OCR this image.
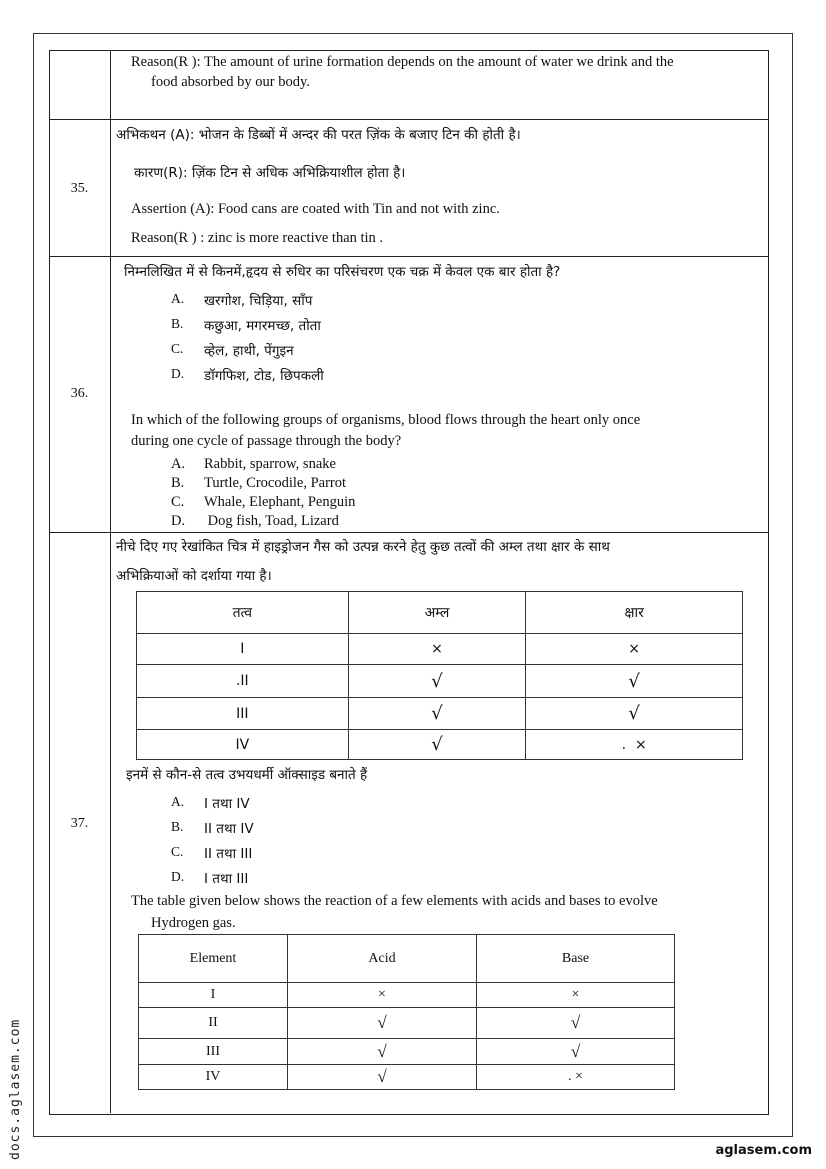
Reason(R ): The amount of urine formation depends on the amount of water we drink and the
food absorbed by our body.
35.
अभिकथन (A): भोजन के डिब्बों में अन्दर की परत ज़िंक के बजाए टिन की होती है।
कारण(R): ज़िंक टिन से अधिक अभिक्रियाशील होता है।
Assertion (A): Food cans are coated with Tin and not with zinc.
Reason(R ) : zinc is more reactive than tin .
36.
निम्नलिखित में से किनमें,हृदय से रुधिर का परिसंचरण एक चक्र में केवल एक बार होता है?
A. खरगोश, चिड़िया, साँप
B. कछुआ, मगरमच्छ, तोता
C. व्हेल, हाथी, पेंगुइन
D. डॉगफिश, टोड, छिपकली
In which of the following groups of organisms, blood flows through the heart only once
during one cycle of passage through the body?
A. Rabbit, sparrow, snake
B. Turtle, Crocodile, Parrot
C. Whale, Elephant, Penguin
D. Dog fish, Toad, Lizard
37.
नीचे दिए गए रेखांकित चित्र में हाइड्रोजन गैस को उत्पन्न करने हेतु कुछ तत्वों की अम्ल तथा क्षार के साथ
अभिक्रियाओं को दर्शाया गया है।
तत्व	अम्ल	क्षार
I	×	×
.II	√	√
III	√	√
IV	√	.  ×
इनमें से कौन-से तत्व उभयधर्मी ऑक्साइड बनाते हैं
A. I तथा IV
B. II तथा IV
C. II तथा III
D. I तथा III
The table given below shows the reaction of a few elements with acids and bases to evolve
Hydrogen gas.
Element	Acid	Base
I	×	×
II	√	√
III	√	√
IV	√	. ×
docs.aglasem.com	aglasem.com
